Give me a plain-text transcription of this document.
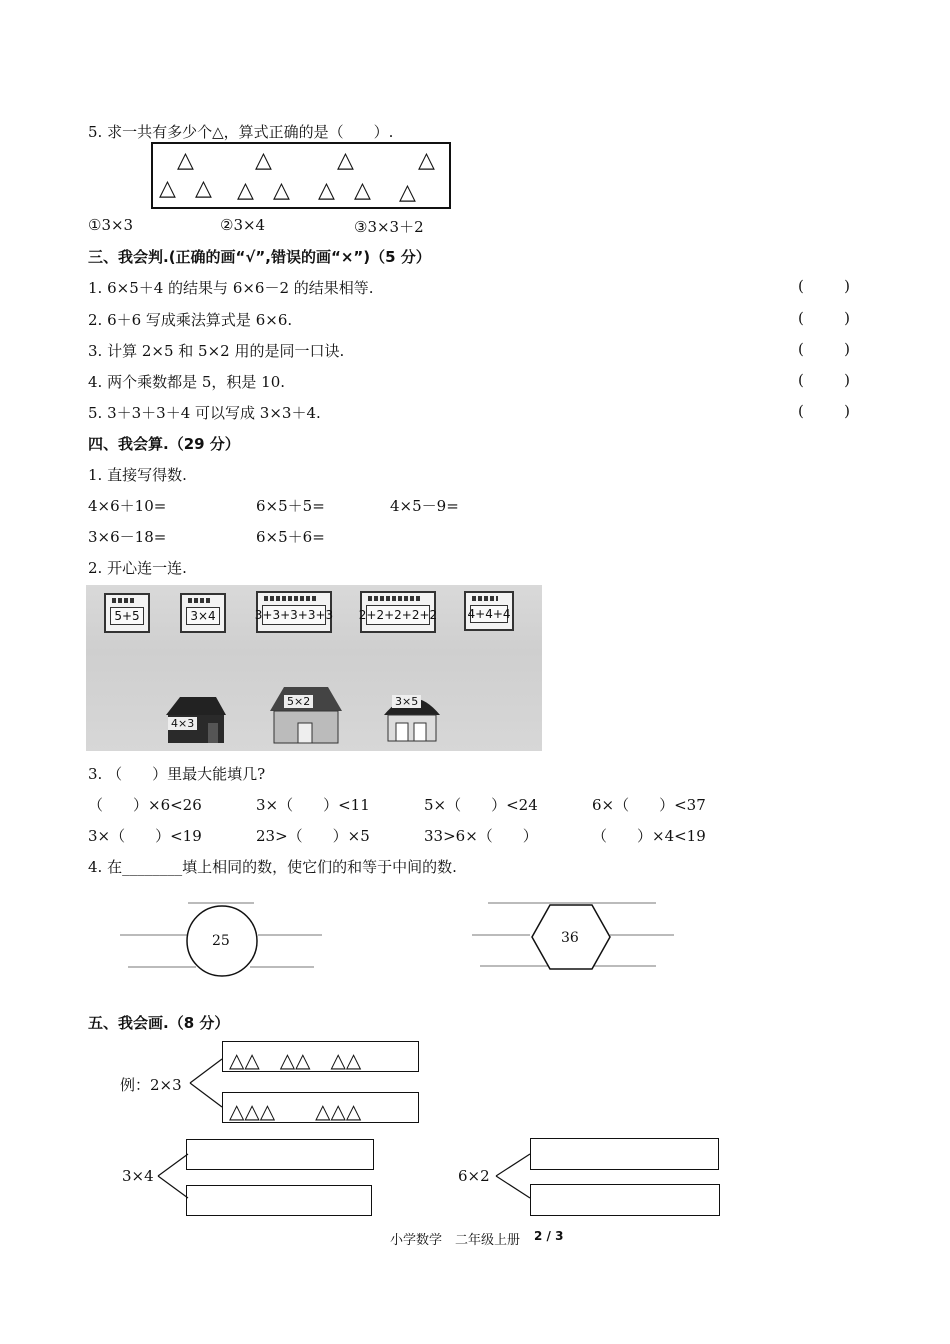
5. 求一共有多少个△，算式正确的是（　　）.
△	△	△	△
△ △ △ △ △ △ △
①3×3	②3×4	③3×3＋2
三、我会判.(正确的画“√”,错误的画“×”)（5 分）
1. 6×5＋4 的结果与 6×6－2 的结果相等.	(	)
2. 6＋6 写成乘法算式是 6×6.	(	)
3. 计算 2×5 和 5×2 用的是同一口诀.	(	)
4. 两个乘数都是 5，积是 10.	(	)
5. 3＋3＋3＋4 可以写成 3×3＋4.	(	)
四、我会算.（29 分）
1. 直接写得数.
4×6＋10=	6×5＋5=	4×5－9=
3×6－18=	6×5＋6=
2. 开心连一连.
5+5	3×4	3+3+3+3+3 2+2+2+2+2	4+4+4
4×3
5×2	3×5
3. （　　）里最大能填几?
（　　）×6<26	3×（　　）<11	5×（　　）<24	6×（　　）<37
3×（　　）<19	23>（　　）×5	33>6×（　　）	（　　）×4<19
4. 在________填上相同的数，使它们的和等于中间的数.
25	36
五、我会画.（8 分）
例：2×3
△△　△△　△△
△△△　　△△△
3×4	6×2
小学数学　二年级上册 2 / 3
